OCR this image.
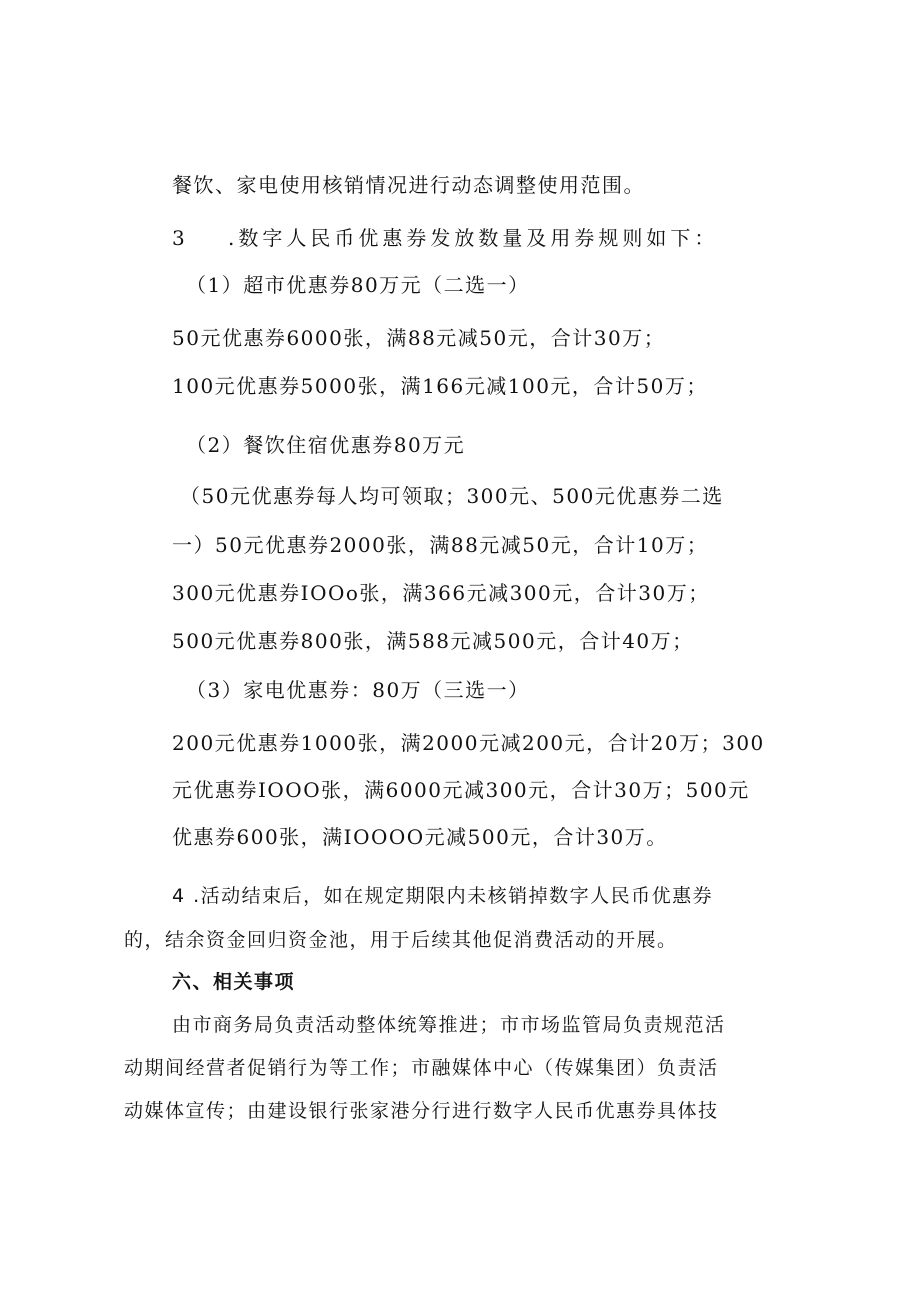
餐饮、家电使用核销情况进行动态调整使用范围。
3 .数字人民币优惠券发放数量及用券规则如下：
（1）超市优惠券80万元（二选一）
50元优惠券6000张，满88元减50元，合计30万；
100元优惠券5000张，满166元减100元，合计50万；
（2）餐饮住宿优惠券80万元
（50元优惠券每人均可领取；300元、500元优惠券二选
一）50元优惠券2000张，满88元减50元，合计10万；
300元优惠券IOOo张，满366元减300元，合计30万；
500元优惠券800张，满588元减500元，合计40万；
（3）家电优惠券：80万（三选一）
200元优惠券1000张，满2000元减200元，合计20万；300
元优惠券IOOO张，满6000元减300元，合计30万；500元
优惠券600张，满IOOOO元减500元，合计30万。
4 .活动结束后，如在规定期限内未核销掉数字人民币优惠券
的，结余资金回归资金池，用于后续其他促消费活动的开展。
六、相关事项
由市商务局负责活动整体统筹推进；市市场监管局负责规范活
动期间经营者促销行为等工作；市融媒体中心（传媒集团）负责活
动媒体宣传；由建设银行张家港分行进行数字人民币优惠券具体技
